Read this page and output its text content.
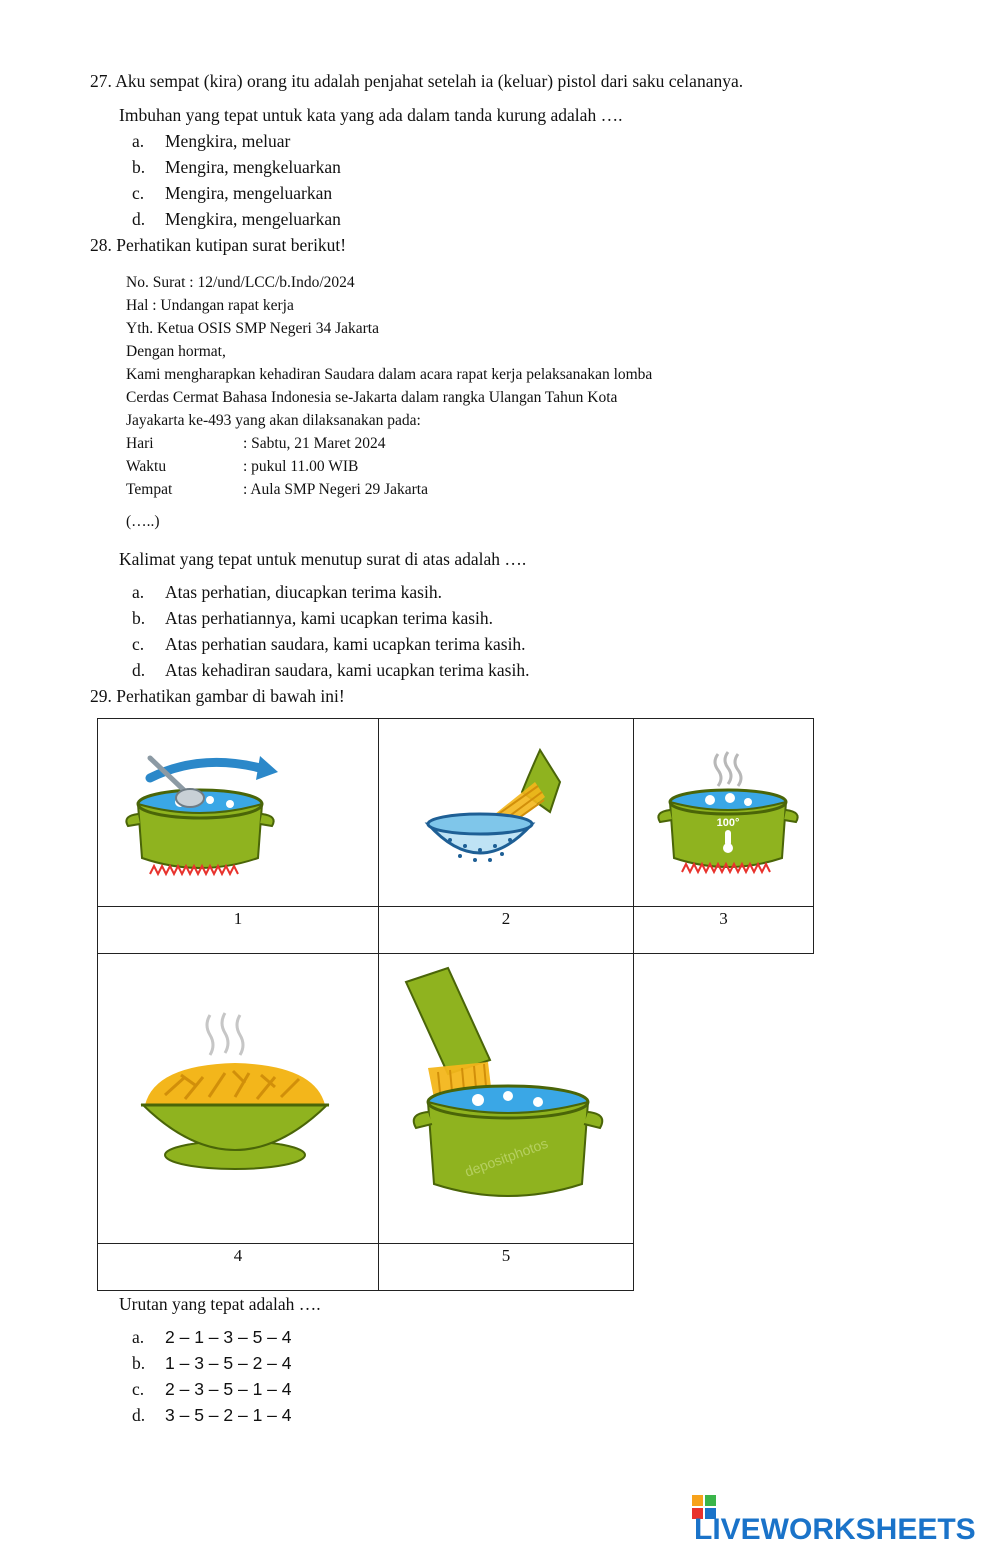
27. Aku sempat (kira) orang itu adalah penjahat setelah ia (keluar) pistol dari saku celananya.
Imbuhan yang tepat untuk kata yang ada dalam tanda kurung adalah ….
a. Mengkira, meluar
b. Mengira, mengkeluarkan
c. Mengira, mengeluarkan
d. Mengkira, mengeluarkan
28. Perhatikan kutipan surat berikut!
No. Surat : 12/und/LCC/b.Indo/2024
Hal : Undangan rapat kerja
Yth. Ketua OSIS SMP Negeri 34 Jakarta
Dengan hormat,
Kami mengharapkan kehadiran Saudara dalam acara rapat kerja pelaksanakan lomba
Cerdas Cermat Bahasa Indonesia se-Jakarta dalam rangka Ulangan Tahun Kota
Jayakarta ke-493 yang akan dilaksanakan pada:
Hari	: Sabtu, 21 Maret 2024
Waktu	: pukul 11.00 WIB
Tempat	: Aula SMP Negeri 29 Jakarta
(…..)
Kalimat yang tepat untuk menutup surat di atas adalah ….
a. Atas perhatian, diucapkan terima kasih.
b. Atas perhatiannya, kami ucapkan terima kasih.
c. Atas perhatian saudara, kami ucapkan terima kasih.
d. Atas kehadiran saudara, kami ucapkan terima kasih.
29. Perhatikan gambar di bawah ini!
1	2	3
4	5
100°
depositphotos
Urutan yang tepat adalah ….
a. 2 – 1 – 3 – 5 – 4
b. 1 – 3 – 5 – 2 – 4
c. 2 – 3 – 5 – 1 – 4
d. 3 – 5 – 2 – 1 – 4
LIVEWORKSHEETS
